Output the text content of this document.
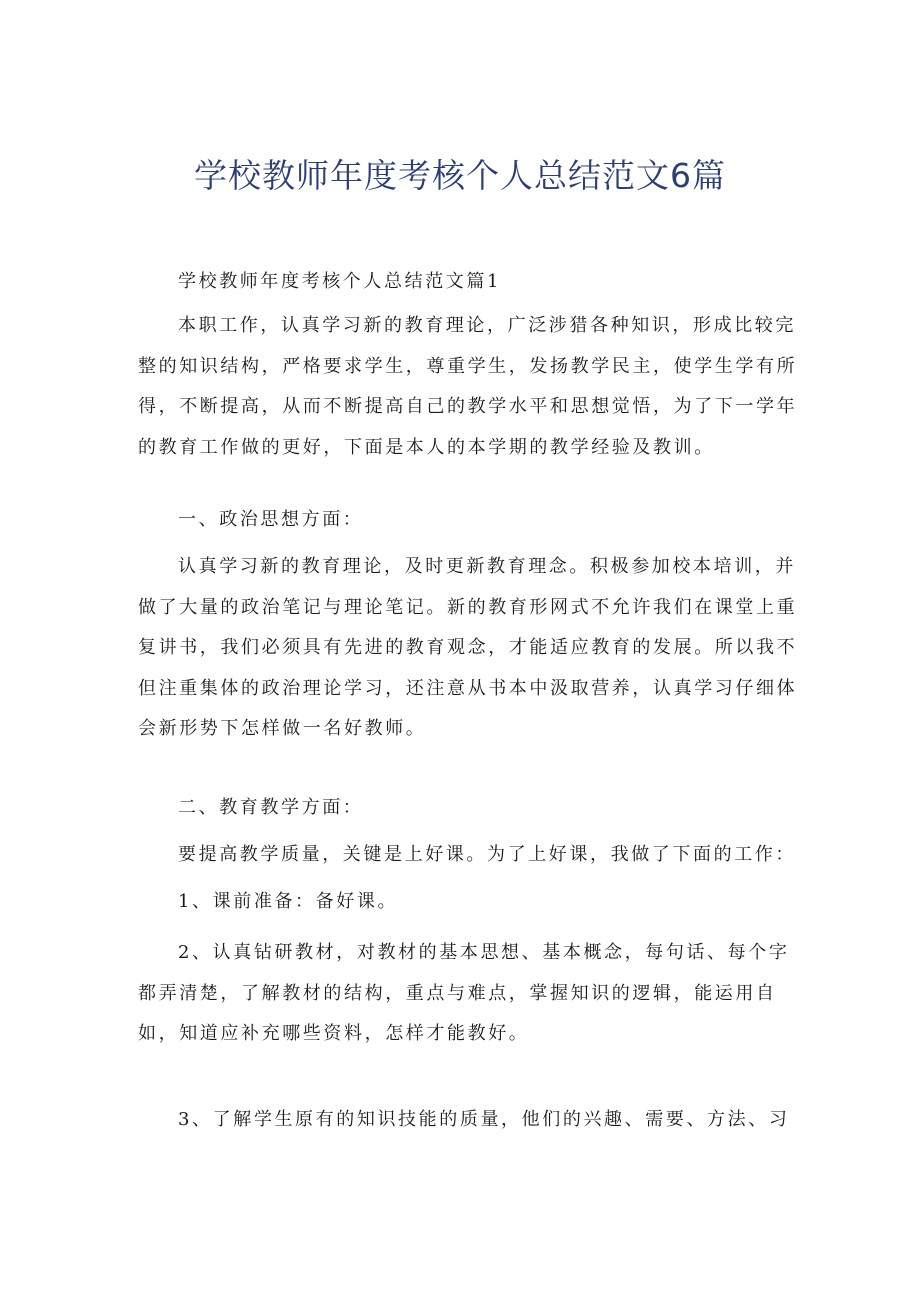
学校教师年度考核个人总结范文6篇

学校教师年度考核个人总结范文篇1

本职工作，认真学习新的教育理论，广泛涉猎各种知识，形成比较完
整的知识结构，严格要求学生，尊重学生，发扬教学民主，使学生学有所
得，不断提高，从而不断提高自己的教学水平和思想觉悟，为了下一学年
的教育工作做的更好，下面是本人的本学期的教学经验及教训。

一、政治思想方面：

认真学习新的教育理论，及时更新教育理念。积极参加校本培训，并
做了大量的政治笔记与理论笔记。新的教育形网式不允许我们在课堂上重
复讲书，我们必须具有先进的教育观念，才能适应教育的发展。所以我不
但注重集体的政治理论学习，还注意从书本中汲取营养，认真学习仔细体
会新形势下怎样做一名好教师。

二、教育教学方面：

要提高教学质量，关键是上好课。为了上好课，我做了下面的工作：

1、课前准备：备好课。

2、认真钻研教材，对教材的基本思想、基本概念，每句话、每个字
都弄清楚，了解教材的结构，重点与难点，掌握知识的逻辑，能运用自
如，知道应补充哪些资料，怎样才能教好。

3、了解学生原有的知识技能的质量，他们的兴趣、需要、方法、习
